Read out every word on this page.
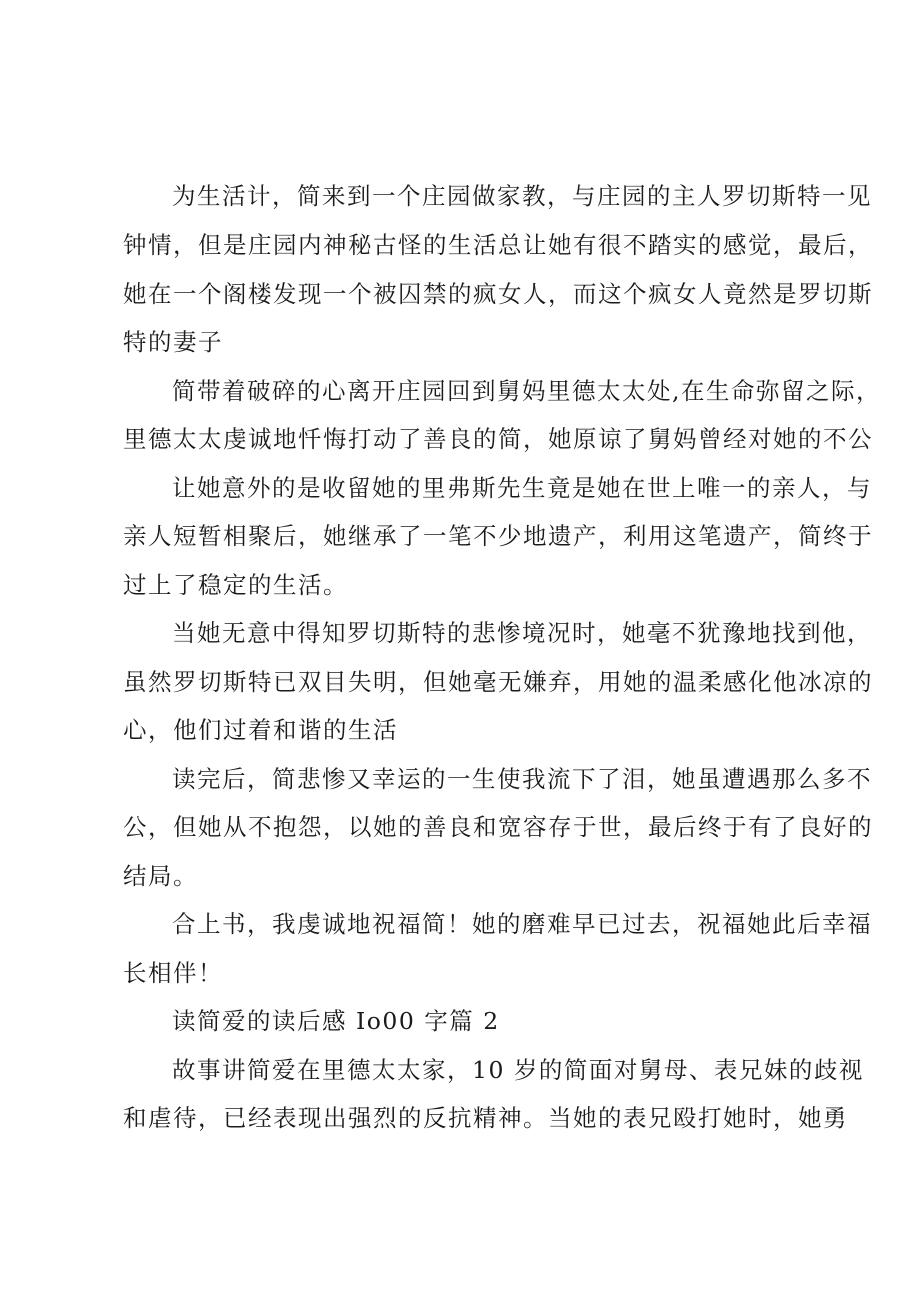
为生活计，简来到一个庄园做家教，与庄园的主人罗切斯特一见
钟情，但是庄园内神秘古怪的生活总让她有很不踏实的感觉，最后，
她在一个阁楼发现一个被囚禁的疯女人，而这个疯女人竟然是罗切斯
特的妻子
简带着破碎的心离开庄园回到舅妈里德太太处,在生命弥留之际，
里德太太虔诚地忏悔打动了善良的简，她原谅了舅妈曾经对她的不公
让她意外的是收留她的里弗斯先生竟是她在世上唯一的亲人，与
亲人短暂相聚后，她继承了一笔不少地遗产，利用这笔遗产，简终于
过上了稳定的生活。
当她无意中得知罗切斯特的悲惨境况时，她毫不犹豫地找到他，
虽然罗切斯特已双目失明，但她毫无嫌弃，用她的温柔感化他冰凉的
心，他们过着和谐的生活
读完后，简悲惨又幸运的一生使我流下了泪，她虽遭遇那么多不
公，但她从不抱怨，以她的善良和宽容存于世，最后终于有了良好的
结局。
合上书，我虔诚地祝福简！她的磨难早已过去，祝福她此后幸福
长相伴！
读简爱的读后感 Io00 字篇 2
故事讲简爱在里德太太家，10 岁的简面对舅母、表兄妹的歧视
和虐待，已经表现出强烈的反抗精神。当她的表兄殴打她时，她勇
